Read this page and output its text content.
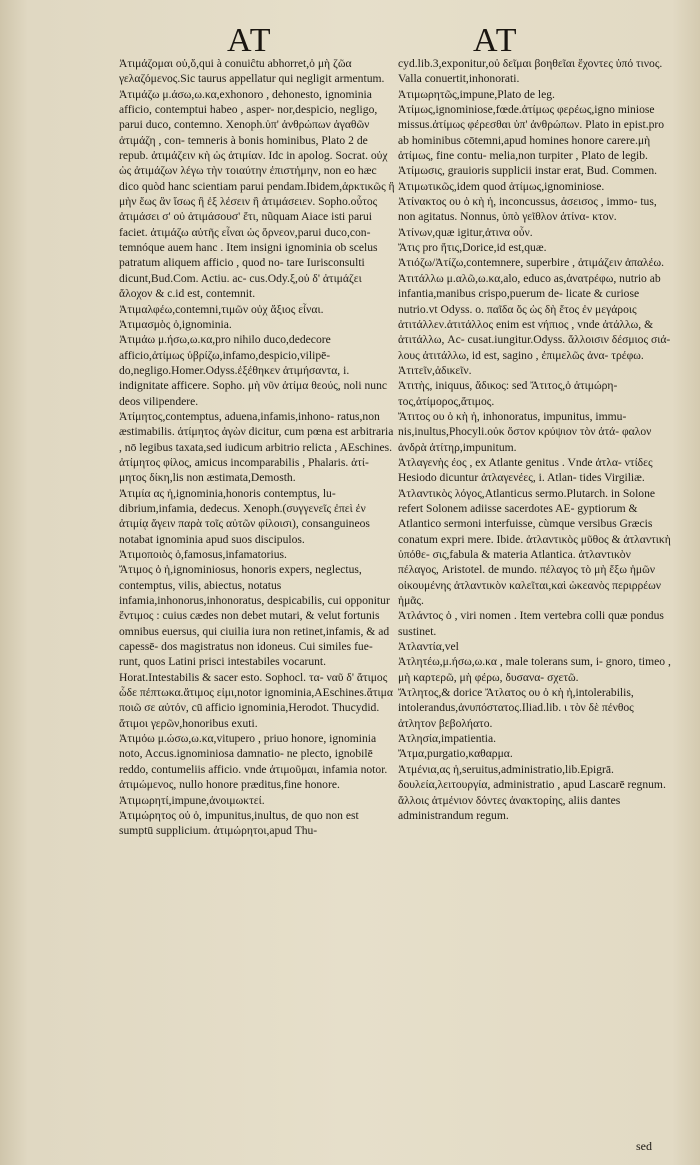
AT	AT
Ἀτιμάζομαι οὐ,ὅ,qui à conuiĉtu abhorret,ὁ μὴ ζῶα γελαζόμενος.Sic taurus appellatur qui negligit armentum.
Ἀτιμάζω μ.άσω,ω.κα,exhonoro , dehonesto, ignominia afficio, contemptui habeo , asper- nor,despicio, negligo, parui duco, contemno. Xenoph.ὑπ' ἀνθρώπων ἀγαθῶν ἀτιμάζη , con- temneris à bonis hominibus, Plato 2 de repub. ἀτιμάζειν κὴ ὡς ἀτιμίαν. Idc in apolog. Socrat. οὐχ ὡς ἀτιμάζων λέγω τὴν τοιαύτην ἐπιστήμην, non eo hæc dico quòd hanc scientiam parui pendam.Ibidem,ἀρκτικῶς ἢ μὴν ἕως ἂν ἴσως ἢ ἐξ λέσειν ἢ ἀτιμάσειεν. Sopho.οὗτος ἀτιμάσει σ' οὐ ἀτιμάσουσ' ἔτι, nũquam Aiace isti parui faciet. ἀτιμάζω αὐτῆς εἶναι ὡς ὄρνεον,parui duco,con- temnóque auem hanc . Item insigni ignominia ob scelus patratum aliquem afficio , quod no- tare Iurisconsulti dicunt,Bud.Com. Actiu. ac- cus.Ody.ξ,οὐ δ' ἀτιμάζει ἄλοχον & c.id est, contemnit.
Ἀτιμαλφέω,contemni,τιμῶν οὐχ ἄξιος εἶναι.
Ἀτιμασμὸς ὁ,ignominia.
Ἀτιμάω μ.ήσω,ω.κα,pro nihilo duco,dedecore afficio,ἀτίμως ὑβρίζω,infamo,despicio,vilipē- do,negligo.Homer.Odyss.ἐξέθηκεν ἀτιμήσαντα, i. indignitate afficere. Sopho. μὴ νῦν ἀτίμα θεούς, noli nunc deos vilipendere.
Ἀτίμητος,contemptus, aduena,infamis,inhono- ratus,non æstimabilis. ἀτίμητος ἀγὼν dicitur, cum pœna est arbitraria , nō legibus taxata,sed iudicum arbitrio relicta , AEschines. ἀτίμητος φίλος, amicus incomparabilis , Phalaris. ἀτί- μητος δίκη,lis non æstimata,Demosth.
Ἀτιμία ας ἡ,ignominia,honoris contemptus, lu- dibrium,infamia, dedecus. Xenoph.(συγγενεῖς ἐπεὶ ἐν ἀτιμίᾳ ἄγειν παρὰ τοῖς αὐτῶν φίλοισι), consanguineos notabat ignominia apud suos discipulos.
Ἀτιμοποιὸς ὁ,famosus,infamatorius.
Ἄτιμος ὁ ἡ,ignominiosus, honoris expers, neglectus, contemptus, vilis, abiectus, notatus infamia,inhonorus,inhonoratus, despicabilis, cui opponitur ἔντιμος : cuius cædes non debet mutari, & velut fortunis omnibus euersus, qui ciuilia iura non retinet,infamis, & ad capessē- dos magistratus non idoneus. Cui similes fue- runt, quos Latini prisci intestabiles vocarunt. Horat.Intestabilis & sacer esto. Sophocl. τα- ναῦ δ' ἄτιμος ὧδε πέπτωκα.ἄτιμος εἰμι,notor ignominia,AEschines.ἄτιμα ποιῶ σε αὐτόν, cū afficio ignominia,Herodot. Thucydid. ἄτιμοι γερῶν,honoribus exuti.
Ἀτιμόω μ.ώσω,ω.κα,vitupero , priuo honore, ignominia noto, Accus.ignominiosa damnatio- ne plecto, ignobilē reddo, contumeliis afficio. vnde ἀτιμοῦμαι, infamia notor. ἀτιμώμενος, nullo honore præditus,fine honore.
Ἀτιμωρητί,impune,ἀνοιμωκτεί.
Ἀτιμώρητος οὐ ὁ, impunitus,inultus, de quo non est sumptū supplicium. ἀτιμώρητοι,apud Thu-
cyd.lib.3,exponitur,οὐ δεῖμαι βοηθεῖαι ἔχοντες ὑπό τινος. Valla conuertit,inhonorati.
Ἀτιμωρητῶς,impune,Plato de leg.
Ἀτίμως,ignominiose,fœde.ἀτίμως φερέως,igno miniose missus.ἀτίμως φέρεσθαι ὑπ' ἀνθρώπων. Plato in epist.pro ab hominibus cōtemni,apud homines honore carere.μὴ ἀτίμως, fine contu- melia,non turpiter , Plato de legib.
Ἀτίμωσις, grauioris supplicii instar erat, Bud. Commen.
Ἀτιμωτικῶς,idem quod ἀτίμως,ignominiose.
Ἀτίνακτος ου ὁ κὴ ἡ, inconcussus, ἀσεισος , immo- tus, non agitatus. Nonnus, ὑπὸ γεῖθλον ἀτίνα- κτον.
Ἀτίνων,quæ igitur,ἀτινα οὖν.
Ἄτις pro ἥτις,Dorice,id est,quæ.
Ἀτιόζω/Ἀτίζω,contemnere, superbire , ἀτιμάζειν ἀπαλέω.
Ἀτιτάλλω μ.αλῶ,ω.κα,alo, educo as,ἀνατρέφω, nutrio ab infantia,manibus crispo,puerum de- licate & curiose nutrio.vt Odyss. ο. παῖδα ὅς ὡς δὴ ἔτος ἐν μεγάροις ἀτιτάλλεν.ἀτιτάλλος enim est νήπιος , vnde ἀτάλλω, & ἀτιτάλλω, Ac- cusat.iungitur.Odyss. ἄλλοισιν δέσμιος σιά- λους ἀτιτάλλω, id est, sagino , ἐπιμελῶς ἀνα- τρέφω.
Ἀτιτεῖν,ἀδικεῖν.
Ἀτιτὴς, iniquus, ἄδικος: sed Ἄτιτος,ὁ ἀτιμώρη- τος,ἀτίμορος,ἄτιμος.
Ἄτιτος ου ὁ κὴ ἡ, inhonoratus, impunitus, immu- nis,inultus,Phocyli.οὐκ ὄστον κρύψιον τὸν ἀτά- φαλον ἀνδρὰ ἀτίτηρ,impunitum.
Ἀτλαγενὴς έος , ex Atlante genitus . Vnde ἀτλα- ντίδες Hesiodo dicuntur ἀτλαγενέες, i. Atlan- tides Virgiliæ.
Ἀτλαντικὸς λόγος,Atlanticus sermo.Plutarch. in Solone refert Solonem adiisse sacerdotes AE- gyptiorum & Atlantico sermoni interfuisse, cùmque versibus Græcis conatum expri mere. Ibide. ἀτλαντικὸς μῦθος & ἀτλαντικὴ ὑπόθε- σις,fabula & materia Atlantica. ἀτλαντικὸν πέλαγος, Aristotel. de mundo. πέλαγος τὸ μὴ ἔξω ἡμῶν οἰκουμένης ἀτλαντικὸν καλεῖται,καὶ ὠκεανὸς περιρρέων ἡμᾶς.
Ἀτλάντος ὁ , viri nomen . Item vertebra colli quæ pondus sustinet.
Ἀτλαντία,vel
Ἀτλητέω,μ.ήσω,ω.κα , male tolerans sum, i- gnoro, timeo , μὴ καρτερῶ, μὴ φέρω, δυσανα- σχετῶ.
Ἄτλητος,& dorice Ἄτλατος ου ὁ κὴ ἡ,intolerabilis, intolerandus,ἀνυπόστατος.Iliad.lib. ι τὸν δὲ πένθος ἀτλητον βεβολήατο.
Ἀτλησία,impatientia.
Ἄτμα,purgatio,καθαρμα.
Ἀτμένια,ας ἡ,seruitus,administratio,lib.Epigrā. δουλεία,λειτουργία, administratio , apud Lascarē regnum. ἄλλοις ἀτμένιον δόντες ἀνακτορίης, aliis dantes administrandum regum.
sed
